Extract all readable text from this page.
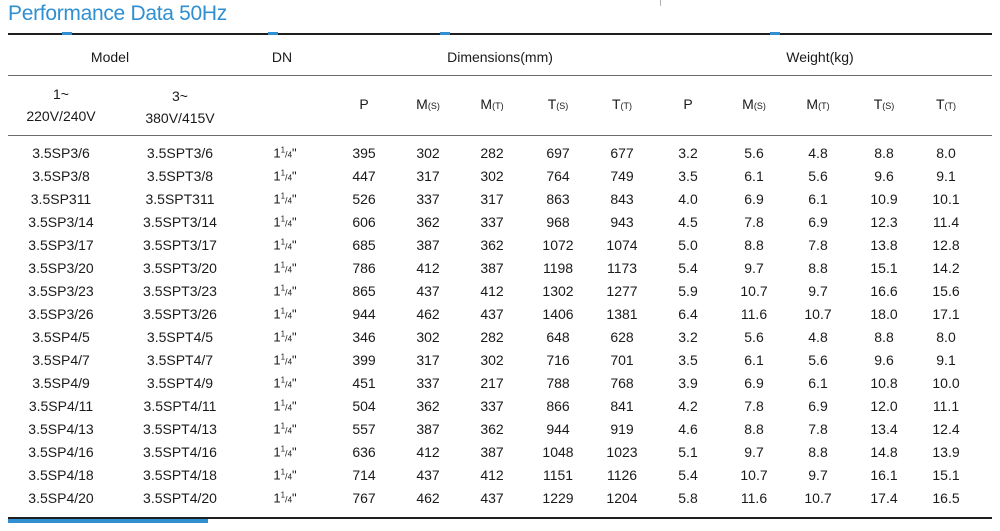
Performance Data 50Hz
Model	DN	Dimensions(mm)	Weight(kg)
1~
220V/240V
3~
380V/415V
P	M(S)	M(T)	T(S)	T(T)	P	M(S)	M(T)	T(S)	T(T)
3.5SP3/6	3.5SPT3/6	$1^1/4$"	395	302	282	697	677	3.2	5.6	4.8	8.8	8.0
3.5SP3/8	3.5SPT3/8	$1^1/4$"	447	317	302	764	749	3.5	6.1	5.6	9.6	9.1
3.5SP311	3.5SPT311	$1^1/4$"	526	337	317	863	843	4.0	6.9	6.1	10.9 10.1
3.5SP3/14	3.5SPT3/14	$1^1/4$"	606	362	337	968	943	4.5	7.8	6.9	12.3	11.4
3.5SP3/17	3.5SPT3/17	$1^1/4$"	685	387	362	1072 1074	5.0	8.8	7.8	13.8 12.8
3.5SP3/20	3.5SPT3/20	$1^1/4$"	786	412	387	1198 1173	5.4	9.7	8.8	15.1 14.2
3.5SP3/23	3.5SPT3/23	$1^1/4$"	865	437	412	1302 1277	5.9	10.7	9.7	16.6 15.6
3.5SP3/26	3.5SPT3/26	$1^1/4$"	944	462	437	1406 1381	6.4	11.6	10.7	18.0 17.1
3.5SP4/5	3.5SPT4/5	$1^1/4$"	346	302	282	648	628	3.2	5.6	4.8	8.8	8.0
3.5SP4/7	3.5SPT4/7	$1^1/4$"	399	317	302	716	701	3.5	6.1	5.6	9.6	9.1
3.5SP4/9	3.5SPT4/9	$1^1/4$"	451	337	217	788	768	3.9	6.9	6.1	10.8 10.0
3.5SP4/11	3.5SPT4/11	$1^1/4$"	504	362	337	866	841	4.2	7.8	6.9	12.0	11.1
3.5SP4/13	3.5SPT4/13	$1^1/4$"	557	387	362	944	919	4.6	8.8	7.8	13.4 12.4
3.5SP4/16	3.5SPT4/16	$1^1/4$"	636	412	387	1048 1023	5.1	9.7	8.8	14.8 13.9
3.5SP4/18	3.5SPT4/18	$1^1/4$"	714	437	412	1151 1126	5.4	10.7	9.7	16.1 15.1
3.5SP4/20	3.5SPT4/20	$1^1/4$"	767	462	437	1229 1204	5.8	11.6	10.7	17.4 16.5
